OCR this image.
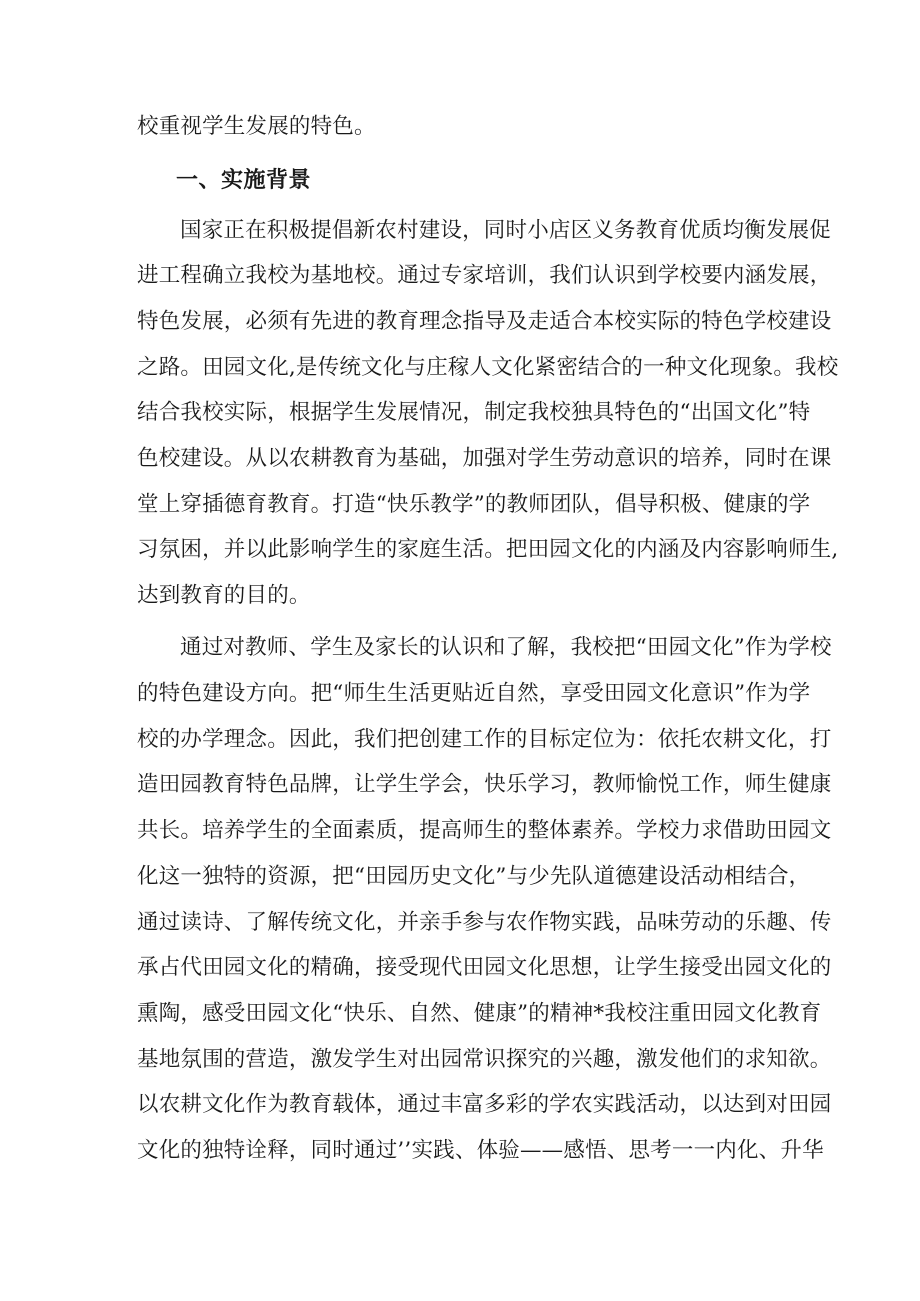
校重视学生发展的特色。
一、实施背景
国家正在积极提倡新农村建设，同时小店区义务教育优质均衡发展促
进工程确立我校为基地校。通过专家培训，我们认识到学校要内涵发展，
特色发展，必须有先进的教育理念指导及走适合本校实际的特色学校建设
之路。田园文化,是传统文化与庄稼人文化紧密结合的一种文化现象。我校
结合我校实际，根据学生发展情况，制定我校独具特色的“出国文化”特
色校建设。从以农耕教育为基础，加强对学生劳动意识的培养，同时在课
堂上穿插德育教育。打造“快乐教学”的教师团队，倡导积极、健康的学
习氛困，并以此影响学生的家庭生活。把田园文化的内涵及内容影响师生,
达到教育的目的。
通过对教师、学生及家长的认识和了解，我校把“田园文化”作为学校
的特色建设方向。把“师生生活更贴近自然，享受田园文化意识”作为学
校的办学理念。因此，我们把创建工作的目标定位为：依托农耕文化，打
造田园教育特色品牌，让学生学会，快乐学习，教师愉悦工作，师生健康
共长。培养学生的全面素质，提高师生的整体素养。学校力求借助田园文
化这一独特的资源，把“田园历史文化”与少先队道德建设活动相结合，
通过读诗、了解传统文化，并亲手参与农作物实践，品味劳动的乐趣、传
承占代田园文化的精确，接受现代田园文化思想，让学生接受出园文化的
熏陶，感受田园文化“快乐、自然、健康”的精神*我校注重田园文化教育
基地氛围的营造，激发学生对出园常识探究的兴趣，激发他们的求知欲。
以农耕文化作为教育载体，通过丰富多彩的学农实践活动，以达到对田园
文化的独特诠释，同时通过’’实践、体验——感悟、思考一一内化、升华
